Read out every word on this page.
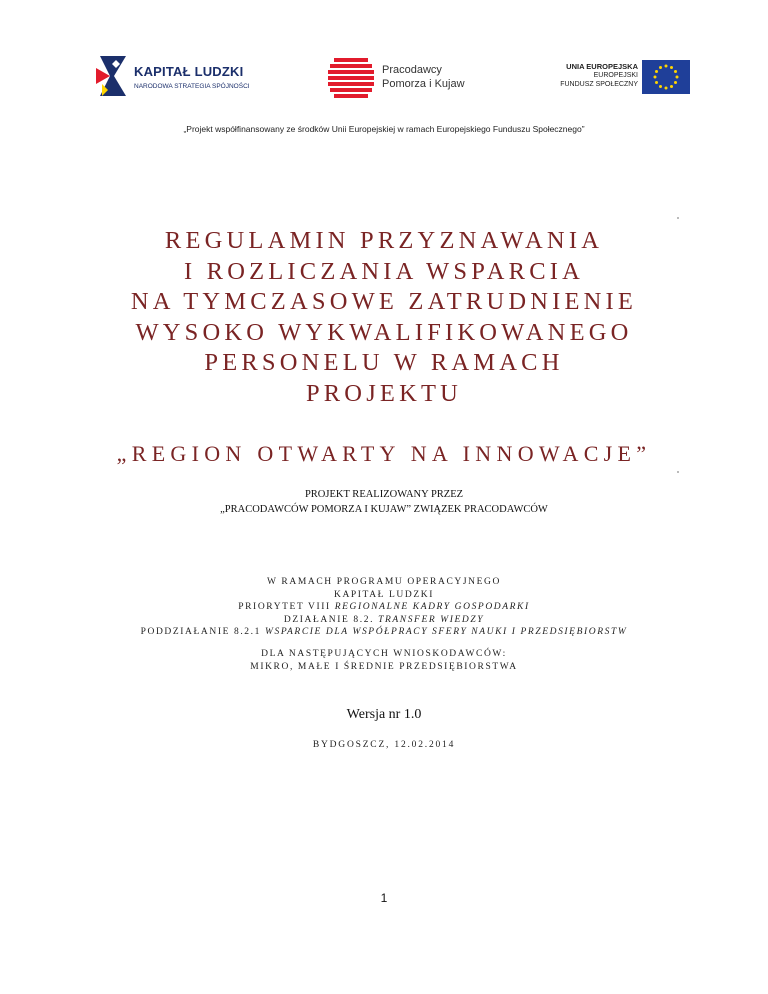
KAPITAŁ LUDZKI
NARODOWA STRATEGIA SPÓJNOŚCI
Pracodawcy
Pomorza i Kujaw
UNIA EUROPEJSKA
EUROPEJSKI
FUNDUSZ SPOŁECZNY
„Projekt współfinansowany ze środków Unii Europejskiej w ramach Europejskiego Funduszu Społecznego”
REGULAMIN PRZYZNAWANIA
I ROZLICZANIA WSPARCIA
NA TYMCZASOWE ZATRUDNIENIE
WYSOKO WYKWALIFIKOWANEGO
PERSONELU W RAMACH
PROJEKTU
„REGION OTWARTY NA INNOWACJE”
PROJEKT REALIZOWANY PRZEZ
„PRACODAWCÓW POMORZA I KUJAW” ZWIĄZEK PRACODAWCÓW
W RAMACH PROGRAMU OPERACYJNEGO
KAPITAŁ LUDZKI
PRIORYTET VIII REGIONALNE KADRY GOSPODARKI
DZIAŁANIE 8.2. TRANSFER WIEDZY
PODDZIAŁANIE 8.2.1 WSPARCIE DLA WSPÓŁPRACY SFERY NAUKI I PRZEDSIĘBIORSTW
DLA NASTĘPUJĄCYCH WNIOSKODAWCÓW:
MIKRO, MAŁE I ŚREDNIE PRZEDSIĘBIORSTWA
Wersja nr 1.0
BYDGOSZCZ, 12.02.2014
1
